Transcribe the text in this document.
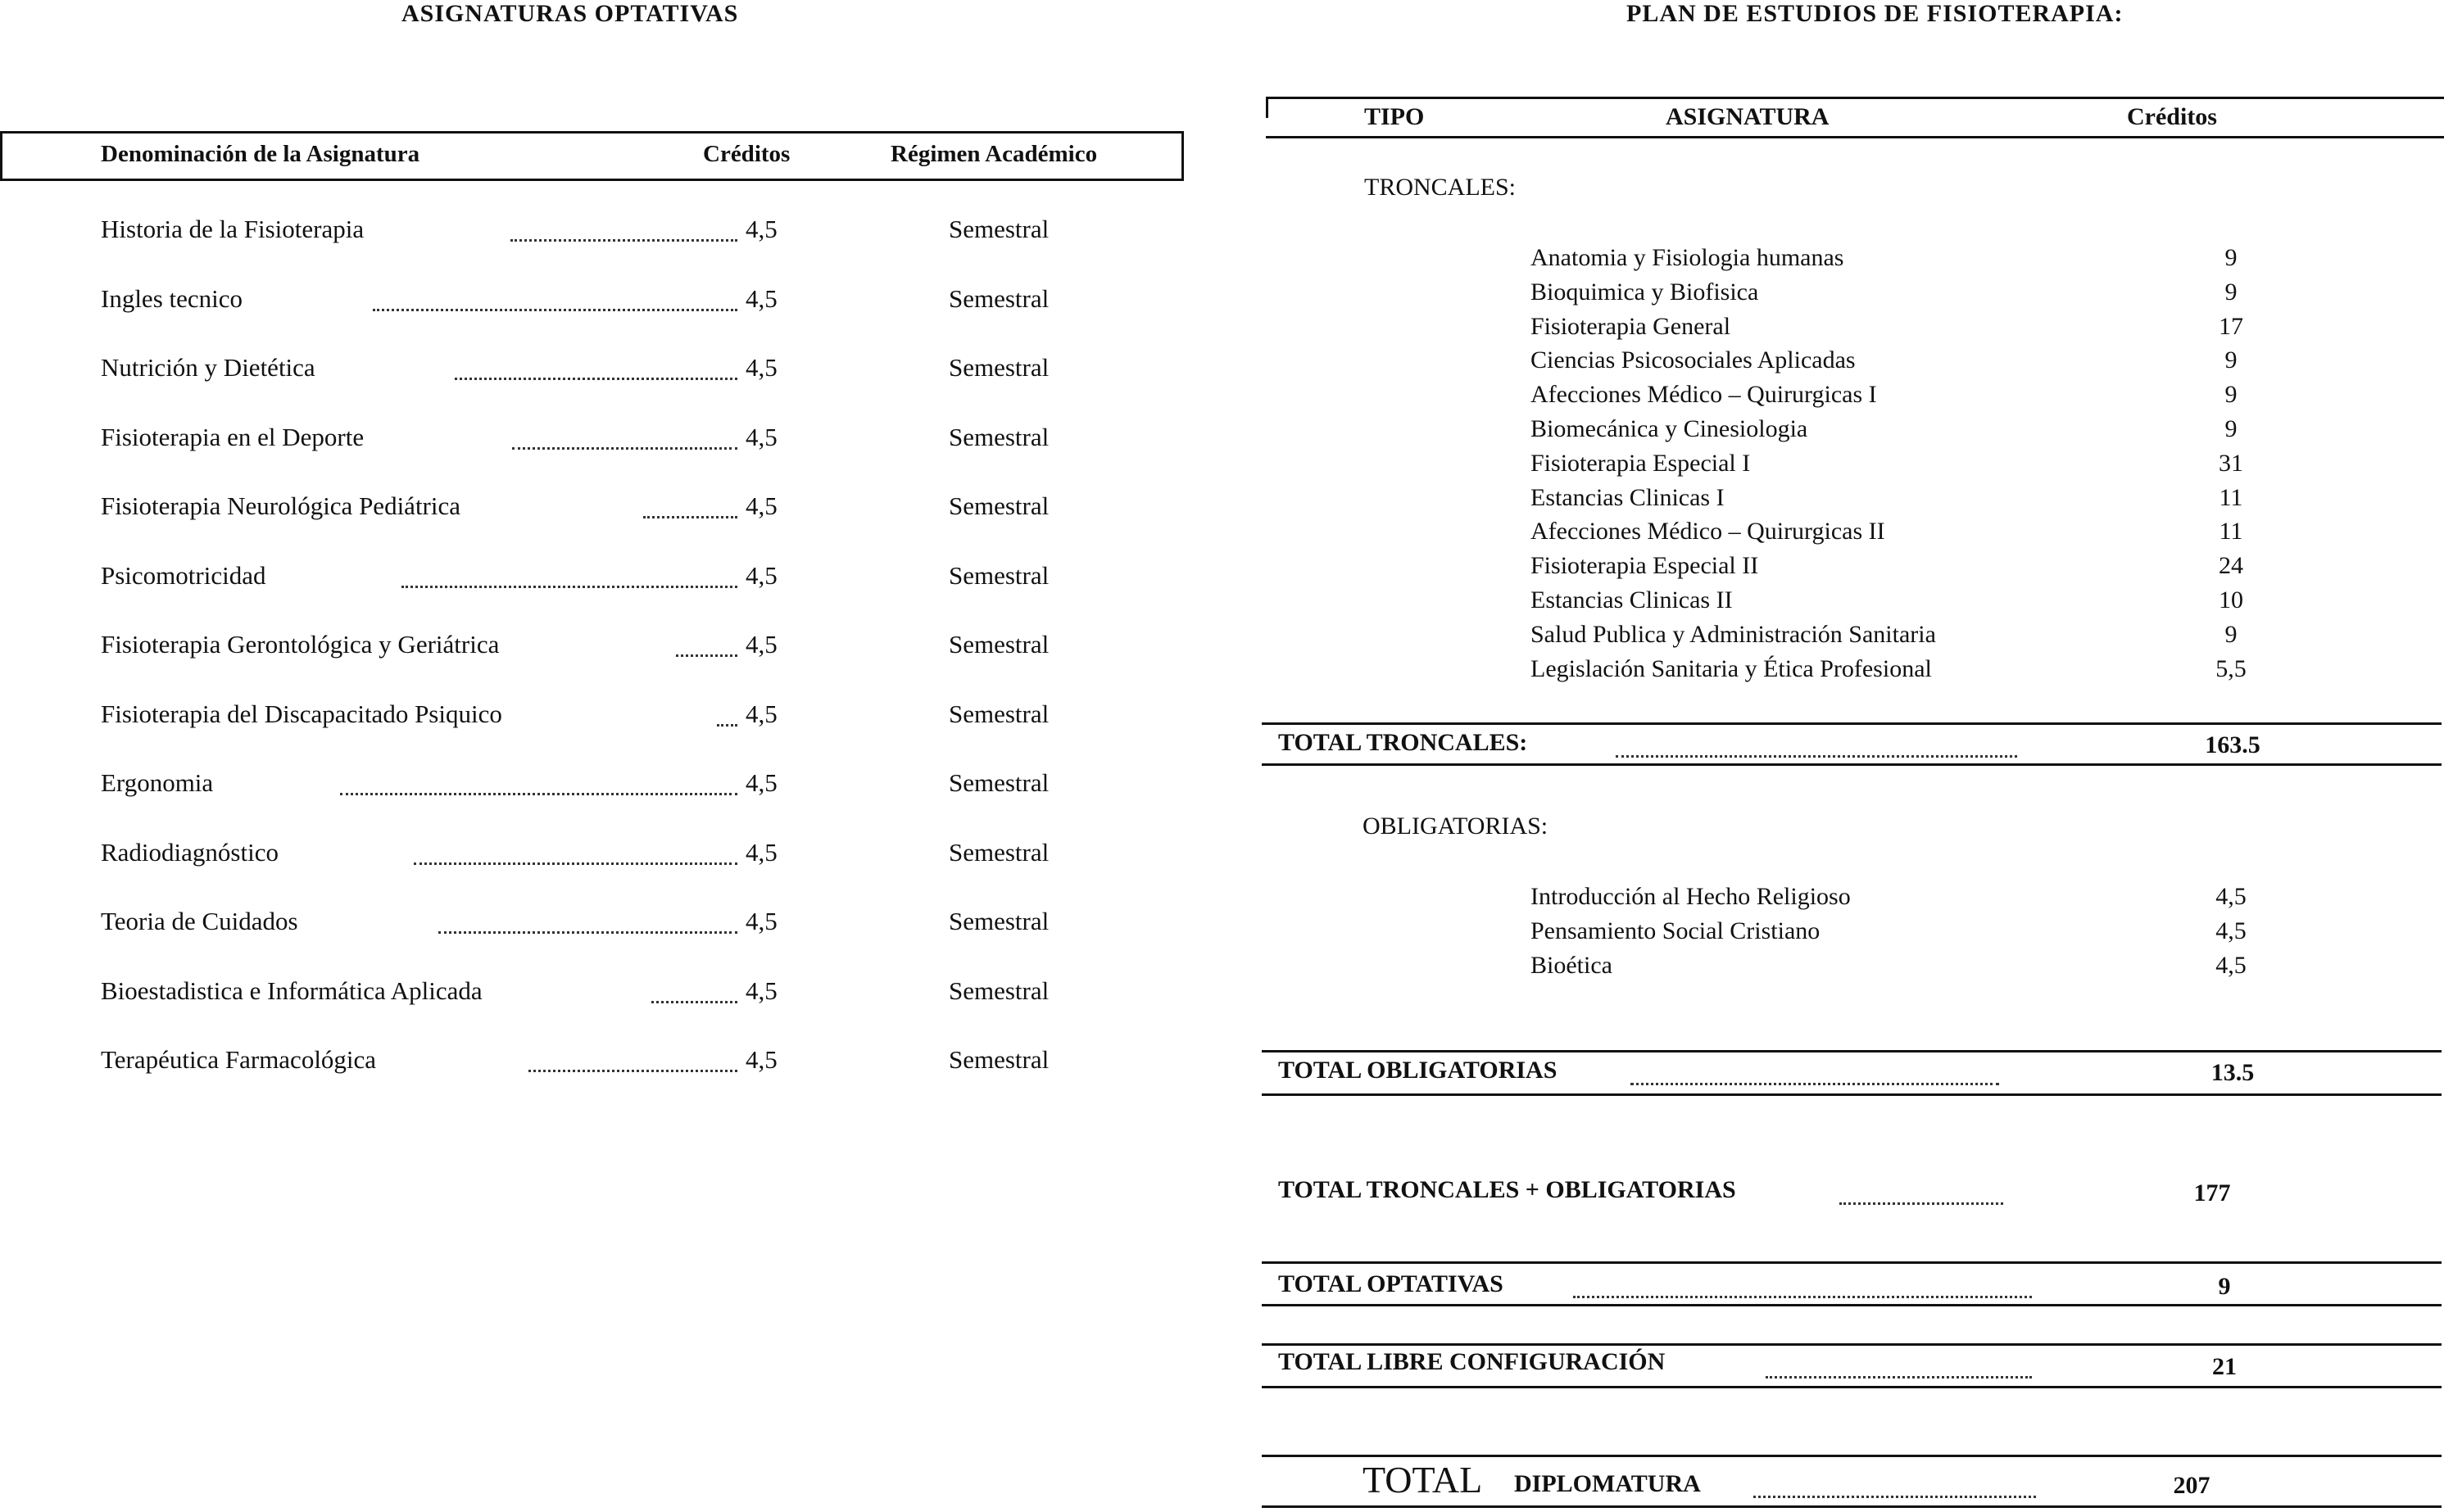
ASIGNATURAS OPTATIVAS
Denominación de la Asignatura	Créditos	Régimen Académico
Historia de la Fisioterapia	4,5	Semestral
Ingles tecnico	4,5	Semestral
Nutrición y Dietética	4,5	Semestral
Fisioterapia en el Deporte	4,5	Semestral
Fisioterapia Neurológica Pediátrica	4,5	Semestral
Psicomotricidad	4,5	Semestral
Fisioterapia Gerontológica y Geriátrica	4,5	Semestral
Fisioterapia del Discapacitado Psiquico	4,5	Semestral
Ergonomia	4,5	Semestral
Radiodiagnóstico	4,5	Semestral
Teoria de Cuidados	4,5	Semestral
Bioestadistica e Informática Aplicada	4,5	Semestral
Terapéutica Farmacológica	4,5	Semestral
PLAN DE ESTUDIOS DE FISIOTERAPIA:
TIPO	ASIGNATURA	Créditos
TRONCALES:
Anatomia y Fisiologia humanas	9
Bioquimica y Biofisica	9
Fisioterapia General	17
Ciencias Psicosociales Aplicadas	9
Afecciones Médico – Quirurgicas I	9
Biomecánica y Cinesiologia	9
Fisioterapia Especial I	31
Estancias Clinicas I	11
Afecciones Médico – Quirurgicas II	11
Fisioterapia Especial II	24
Estancias Clinicas II	10
Salud Publica y Administración Sanitaria	9
Legislación Sanitaria y Ética Profesional	5,5
TOTAL TRONCALES:	163.5
OBLIGATORIAS:
Introducción al Hecho Religioso	4,5
Pensamiento Social Cristiano	4,5
Bioética	4,5
TOTAL OBLIGATORIAS	13.5
TOTAL TRONCALES + OBLIGATORIAS	177
TOTAL OPTATIVAS	9
TOTAL LIBRE CONFIGURACIÓN	21
TOTAL DIPLOMATURA	207
